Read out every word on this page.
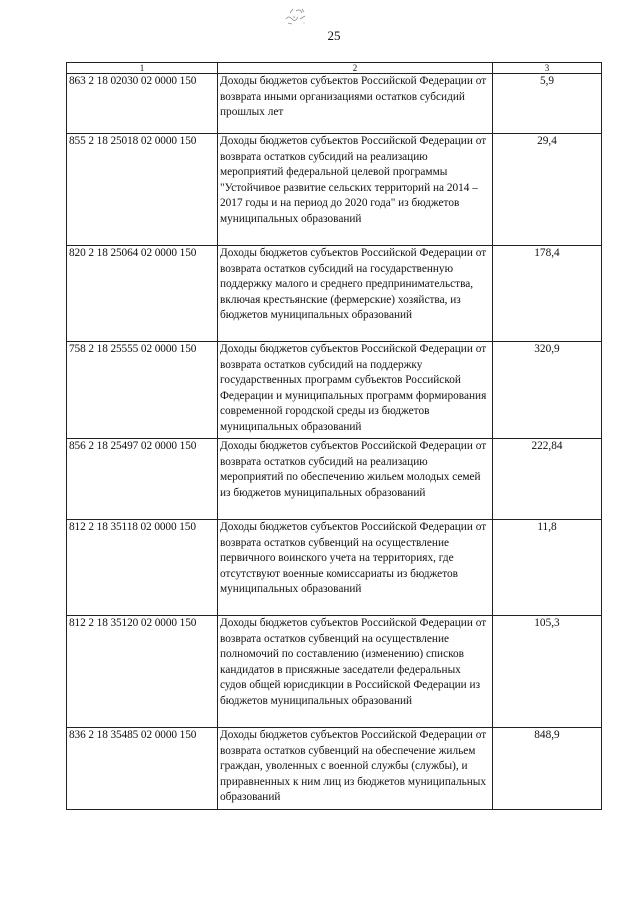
25
1	2	3
863 2 18 02030 02 0000 150	Доходы бюджетов субъектов Российской Федерации от возврата иными организациями остатков субсидий прошлых лет	5,9
855 2 18 25018 02 0000 150	Доходы бюджетов субъектов Российской Федерации от возврата остатков субсидий на реализацию мероприятий федеральной целевой программы "Устойчивое развитие сельских территорий на 2014 – 2017 годы и на период до 2020 года" из бюджетов муниципальных образований	29,4
820 2 18 25064 02 0000 150	Доходы бюджетов субъектов Российской Федерации от возврата остатков субсидий на государственную поддержку малого и среднего предпринимательства, включая крестьянские (фермерские) хозяйства, из бюджетов муниципальных образований	178,4
758 2 18 25555 02 0000 150	Доходы бюджетов субъектов Российской Федерации от возврата остатков субсидий на поддержку государственных программ субъектов Российской Федерации и муниципальных программ формирования современной городской среды из бюджетов муниципальных образований	320,9
856 2 18 25497 02 0000 150	Доходы бюджетов субъектов Российской Федерации от возврата остатков субсидий на реализацию мероприятий по обеспечению жильем молодых семей из бюджетов муниципальных образований	222,84
812 2 18 35118 02 0000 150	Доходы бюджетов субъектов Российской Федерации от возврата остатков субвенций на осуществление первичного воинского учета на территориях, где отсутствуют военные комиссариаты из бюджетов муниципальных образований	11,8
812 2 18 35120 02 0000 150	Доходы бюджетов субъектов Российской Федерации от возврата остатков субвенций на осуществление полномочий по составлению (изменению) списков кандидатов в присяжные заседатели федеральных судов общей юрисдикции в Российской Федерации из бюджетов муниципальных образований	105,3
836 2 18 35485 02 0000 150	Доходы бюджетов субъектов Российской Федерации от возврата остатков субвенций на обеспечение жильем граждан, уволенных с военной службы (службы), и приравненных к ним лиц из бюджетов муниципальных образований	848,9
